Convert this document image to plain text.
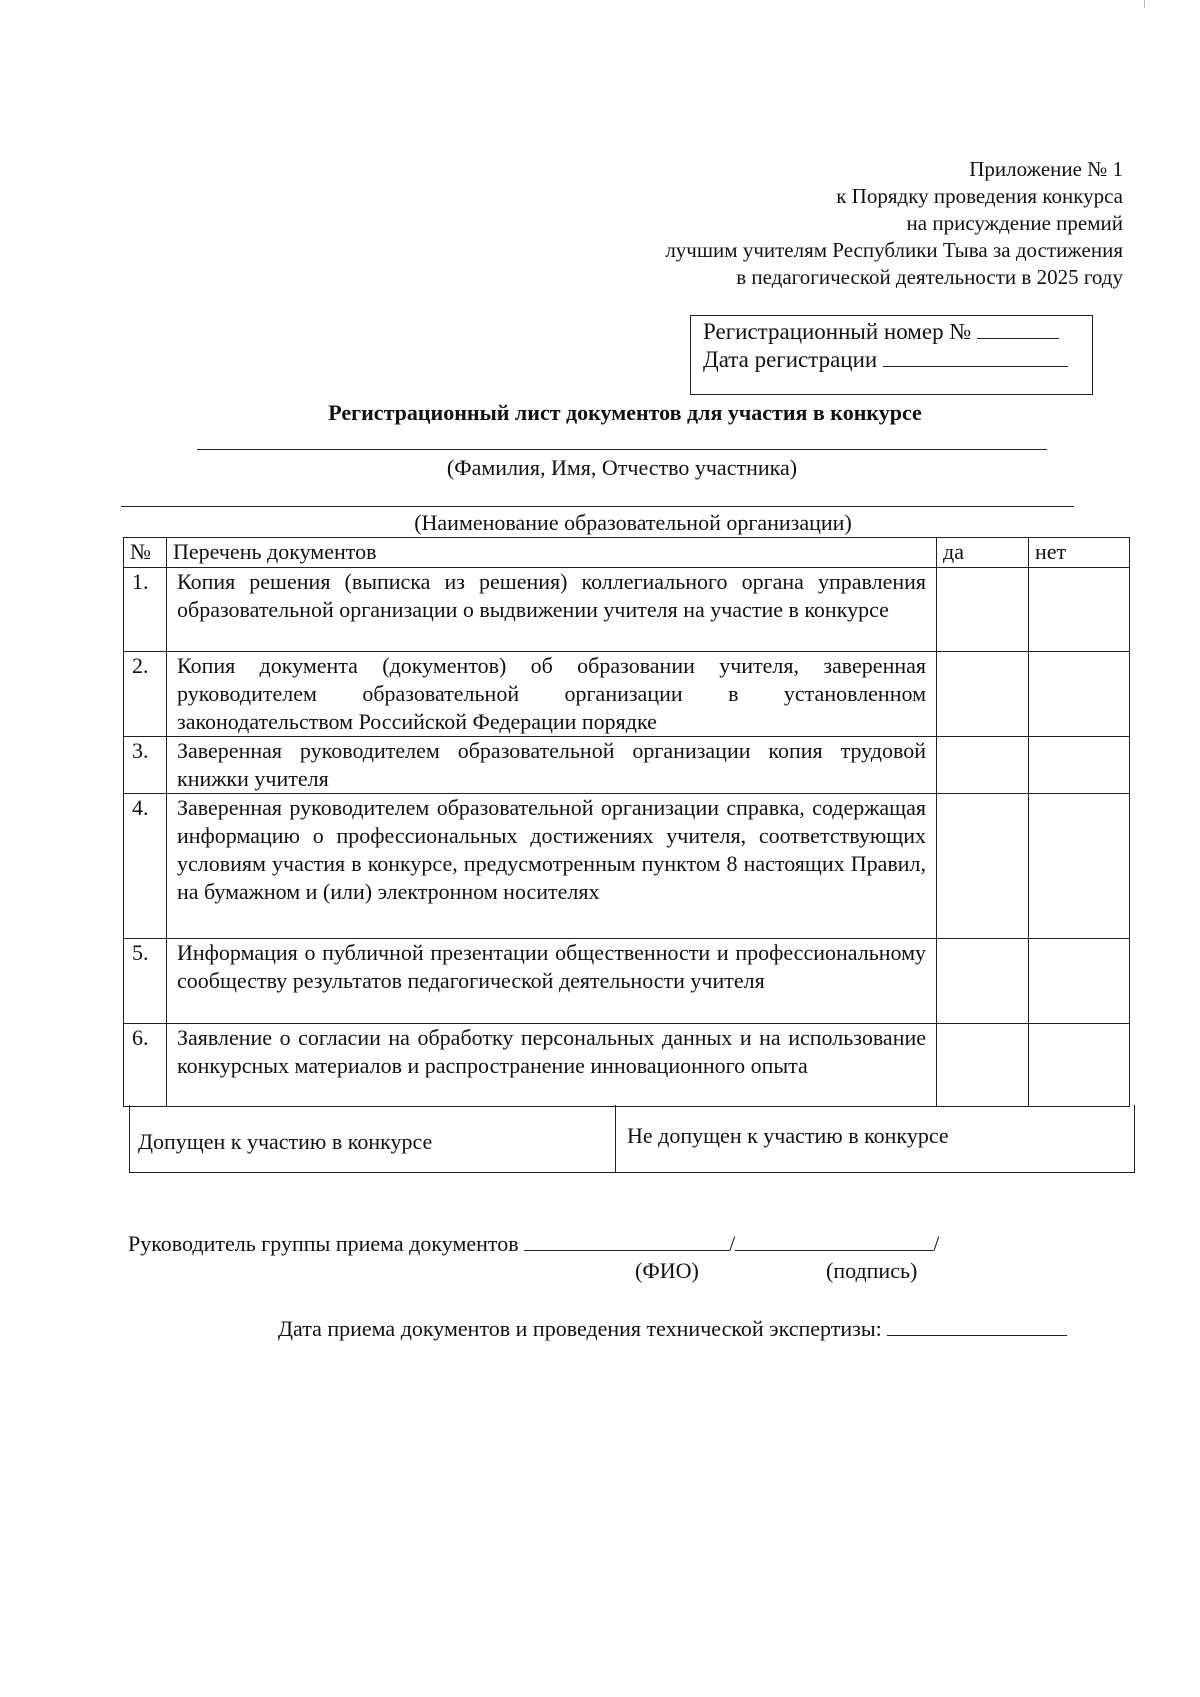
Приложение № 1
к Порядку проведения конкурса
на присуждение премий
лучшим учителям Республики Тыва за достижения
в педагогической деятельности в 2025 году
Регистрационный номер №
Дата регистрации
Регистрационный лист документов для участия в конкурсе
(Фамилия, Имя, Отчество участника)
(Наименование образовательной организации)
№	Перечень документов	да	нет
1.	Копия решения (выписка из решения) коллегиального органа управления образовательной организации о выдвижении учителя на участие в конкурсе		
2.	Копия документа (документов) об образовании учителя, заверенная руководителем образовательной организации в установленном законодательством Российской Федерации порядке		
3.	Заверенная руководителем образовательной организации копия трудовой книжки учителя		
4.	Заверенная руководителем образовательной организации справка, содержащая информацию о профессиональных достижениях учителя, соответствующих условиям участия в конкурсе, предусмотренным пунктом 8 настоящих Правил, на бумажном и (или) электронном носителях		
5.	Информация о публичной презентации общественности и профессиональному сообществу результатов педагогической деятельности учителя		
6.	Заявление о согласии на обработку персональных данных и на использование конкурсных материалов и распространение инновационного опыта		
Допущен к участию в конкурсе	Не допущен к участию в конкурсе
Руководитель группы приема документов	/	/
(ФИО)	(подпись)
Дата приема документов и проведения технической экспертизы:
